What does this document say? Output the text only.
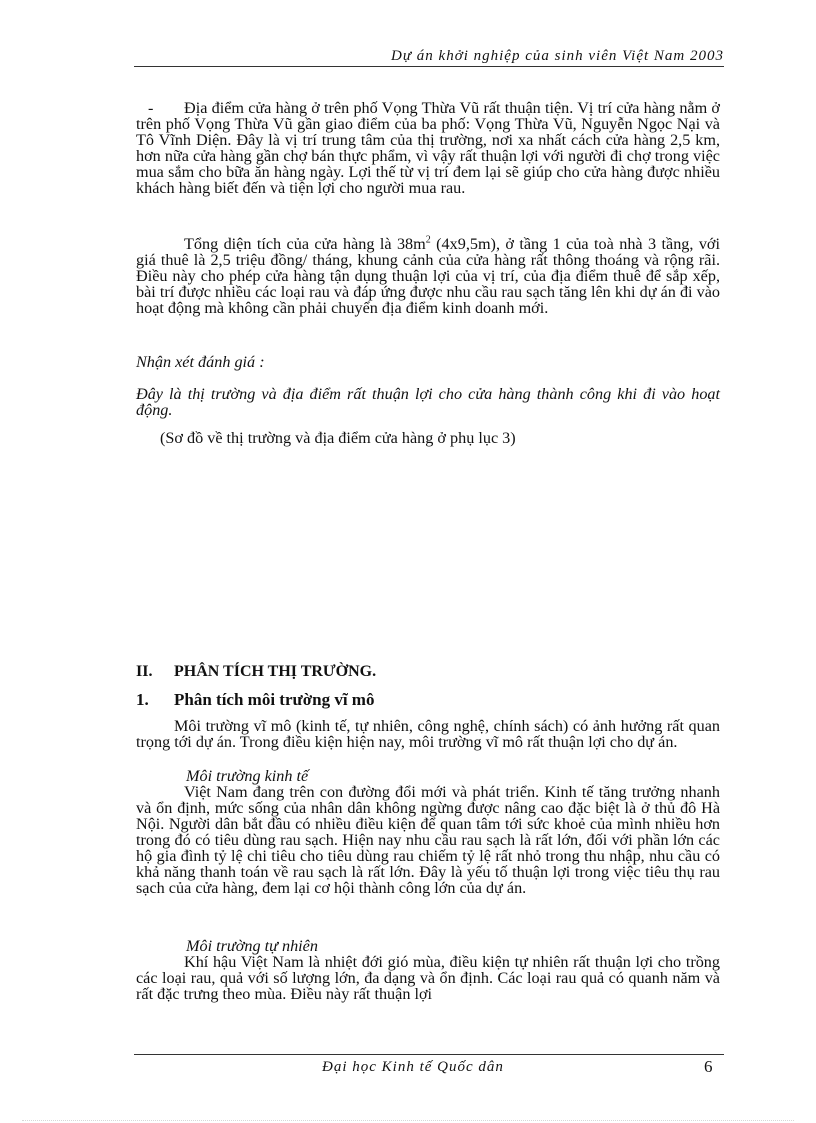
Dự án khởi nghiệp của sinh viên Việt Nam 2003

- Địa điểm cửa hàng ở trên phố Vọng Thừa Vũ rất thuận tiện. Vị trí cửa hàng nằm ở trên phố Vọng Thừa Vũ gần giao điểm của ba phố: Vọng Thừa Vũ, Nguyễn Ngọc Nại và Tô Vĩnh Diện. Đây là vị trí trung tâm của thị trường, nơi xa nhất cách cửa hàng 2,5 km, hơn nữa cửa hàng gần chợ bán thực phẩm, vì vậy rất thuận lợi với người đi chợ trong việc mua sắm cho bữa ăn hàng ngày. Lợi thế từ vị trí đem lại sẽ giúp cho cửa hàng được nhiều khách hàng biết đến và tiện lợi cho người mua rau.

Tổng diện tích của cửa hàng là $38m^2$ (4x9,5m), ở tầng 1 của toà nhà 3 tầng, với giá thuê là 2,5 triệu đồng/ tháng, khung cảnh của cửa hàng rất thông thoáng và rộng rãi. Điều này cho phép cửa hàng tận dụng thuận lợi của vị trí, của địa điểm thuê để sắp xếp, bài trí được nhiều các loại rau và đáp ứng được nhu cầu rau sạch tăng lên khi dự án đi vào hoạt động mà không cần phải chuyển địa điểm kinh doanh mới.

Nhận xét đánh giá :

Đây là thị trường và địa điểm rất thuận lợi cho cửa hàng thành công khi đi vào hoạt động.

(Sơ đồ về thị trường và địa điểm cửa hàng ở phụ lục 3)

II. PHÂN TÍCH THỊ TRƯỜNG.
1. Phân tích môi trường vĩ mô

Môi trường vĩ mô (kinh tế, tự nhiên, công nghệ, chính sách) có ảnh hưởng rất quan trọng tới dự án. Trong điều kiện hiện nay, môi trường vĩ mô rất thuận lợi cho dự án.

Môi trường kinh tế

Việt Nam đang trên con đường đổi mới và phát triển. Kinh tế tăng trưởng nhanh và ổn định, mức sống của nhân dân không ngừng được nâng cao đặc biệt là ở thủ đô Hà Nội. Người dân bắt đầu có nhiều điều kiện để quan tâm tới sức khoẻ của mình nhiều hơn trong đó có tiêu dùng rau sạch. Hiện nay nhu cầu rau sạch là rất lớn, đối với phần lớn các hộ gia đình tỷ lệ chi tiêu cho tiêu dùng rau chiếm tỷ lệ rất nhỏ trong thu nhập, nhu cầu có khả năng thanh toán về rau sạch là rất lớn. Đây là yếu tố thuận lợi trong việc tiêu thụ rau sạch của cửa hàng, đem lại cơ hội thành công lớn của dự án.

Môi trường tự nhiên

Khí hậu Việt Nam là nhiệt đới gió mùa, điều kiện tự nhiên rất thuận lợi cho trồng các loại rau, quả với số lượng lớn, đa dạng và ổn định. Các loại rau quả có quanh năm và rất đặc trưng theo mùa. Điều này rất thuận lợi

Đại học Kinh tế Quốc dân	6
